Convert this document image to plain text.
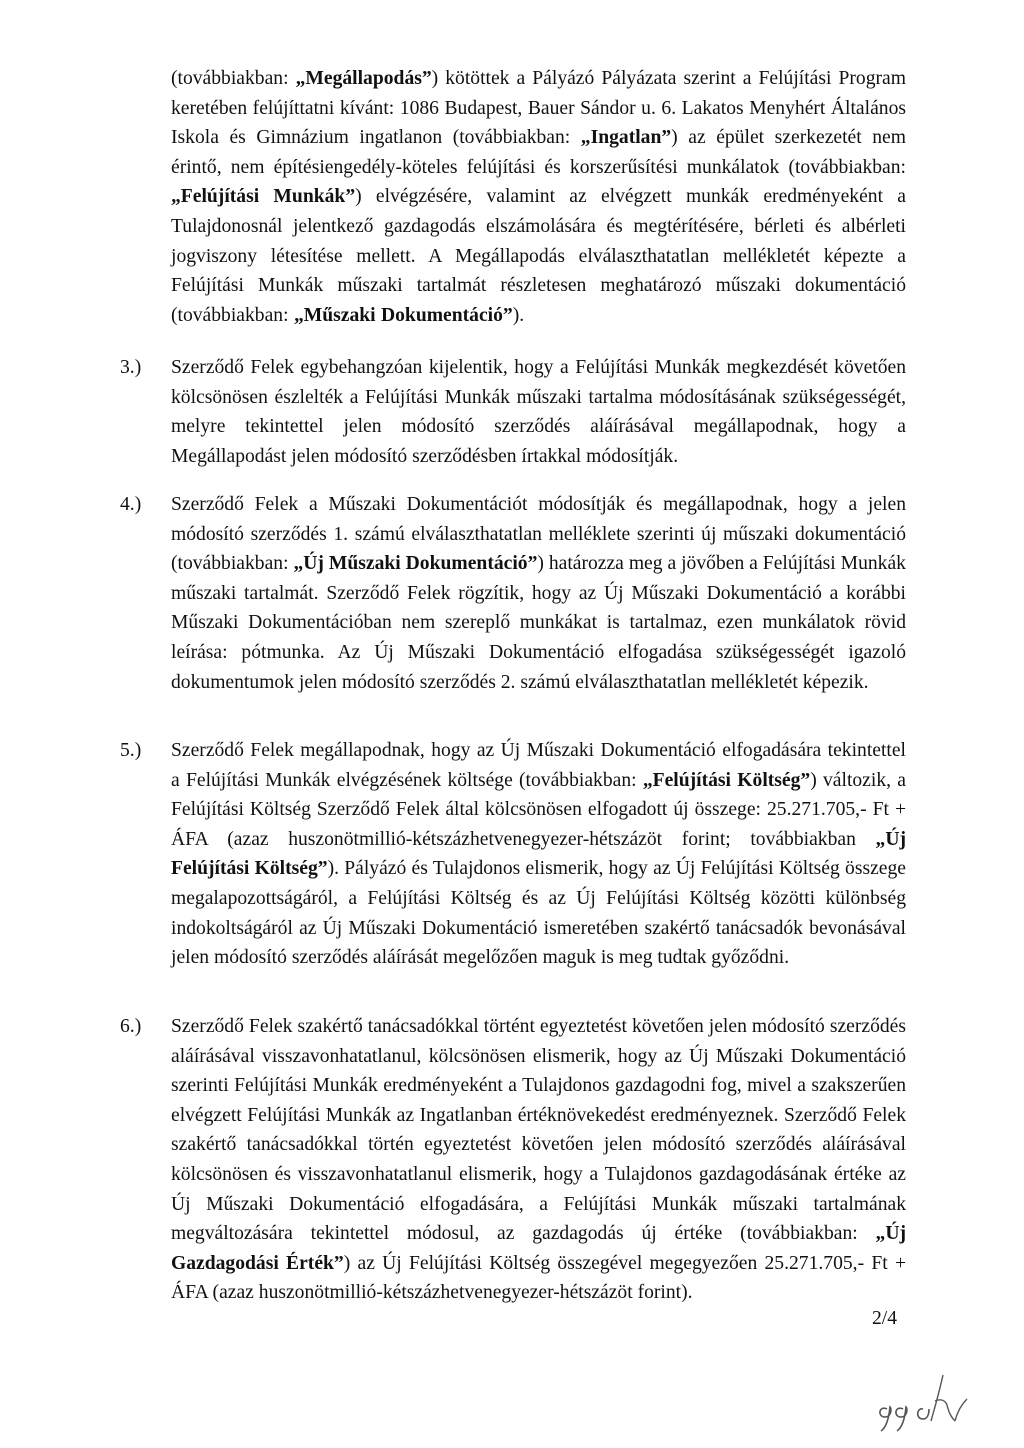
(továbbiakban: „Megállapodás”) kötöttek a Pályázó Pályázata szerint a Felújítási Program keretében felújíttatni kívánt: 1086 Budapest, Bauer Sándor u. 6. Lakatos Menyhért Általános Iskola és Gimnázium ingatlanon (továbbiakban: „Ingatlan”) az épület szerkezetét nem érintő, nem építésiengedély-köteles felújítási és korszerűsítési munkálatok (továbbiakban: „Felújítási Munkák”) elvégzésére, valamint az elvégzett munkák eredményeként a Tulajdonosnál jelentkező gazdagodás elszámolására és megtérítésére, bérleti és albérleti jogviszony létesítése mellett. A Megállapodás elválaszthatatlan mellékletét képezte a Felújítási Munkák műszaki tartalmát részletesen meghatározó műszaki dokumentáció (továbbiakban: „Műszaki Dokumentáció”).

3.)	Szerződő Felek egybehangzóan kijelentik, hogy a Felújítási Munkák megkezdését követően kölcsönösen észlelték a Felújítási Munkák műszaki tartalma módosításának szükségességét, melyre tekintettel jelen módosító szerződés aláírásával megállapodnak, hogy a Megállapodást jelen módosító szerződésben írtakkal módosítják.

4.)	Szerződő Felek a Műszaki Dokumentációt módosítják és megállapodnak, hogy a jelen módosító szerződés 1. számú elválaszthatatlan melléklete szerinti új műszaki dokumentáció (továbbiakban: „Új Műszaki Dokumentáció”) határozza meg a jövőben a Felújítási Munkák műszaki tartalmát. Szerződő Felek rögzítik, hogy az Új Műszaki Dokumentáció a korábbi Műszaki Dokumentációban nem szereplő munkákat is tartalmaz, ezen munkálatok rövid leírása: pótmunka. Az Új Műszaki Dokumentáció elfogadása szükségességét igazoló dokumentumok jelen módosító szerződés 2. számú elválaszthatatlan mellékletét képezik.

5.)	Szerződő Felek megállapodnak, hogy az Új Műszaki Dokumentáció elfogadására tekintettel a Felújítási Munkák elvégzésének költsége (továbbiakban: „Felújítási Költség”) változik, a Felújítási Költség Szerződő Felek által kölcsönösen elfogadott új összege: 25.271.705,- Ft + ÁFA (azaz huszonötmillió-kétszázhetvenegyezer-hétszázöt forint; továbbiakban „Új Felújítási Költség”). Pályázó és Tulajdonos elismerik, hogy az Új Felújítási Költség összege megalapozottságáról, a Felújítási Költség és az Új Felújítási Költség közötti különbség indokoltságáról az Új Műszaki Dokumentáció ismeretében szakértő tanácsadók bevonásával jelen módosító szerződés aláírását megelőzően maguk is meg tudtak győződni.

6.)	Szerződő Felek szakértő tanácsadókkal történt egyeztetést követően jelen módosító szerződés aláírásával visszavonhatatlanul, kölcsönösen elismerik, hogy az Új Műszaki Dokumentáció szerinti Felújítási Munkák eredményeként a Tulajdonos gazdagodni fog, mivel a szakszerűen elvégzett Felújítási Munkák az Ingatlanban értéknövekedést eredményeznek. Szerződő Felek szakértő tanácsadókkal történ egyeztetést követően jelen módosító szerződés aláírásával kölcsönösen és visszavonhatatlanul elismerik, hogy a Tulajdonos gazdagodásának értéke az Új Műszaki Dokumentáció elfogadására, a Felújítási Munkák műszaki tartalmának megváltozására tekintettel módosul, az gazdagodás új értéke (továbbiakban: „Új Gazdagodási Érték”) az Új Felújítási Költség összegével megegyezően 25.271.705,- Ft + ÁFA (azaz huszonötmillió-kétszázhetvenegyezer-hétszázöt forint).

2/4
